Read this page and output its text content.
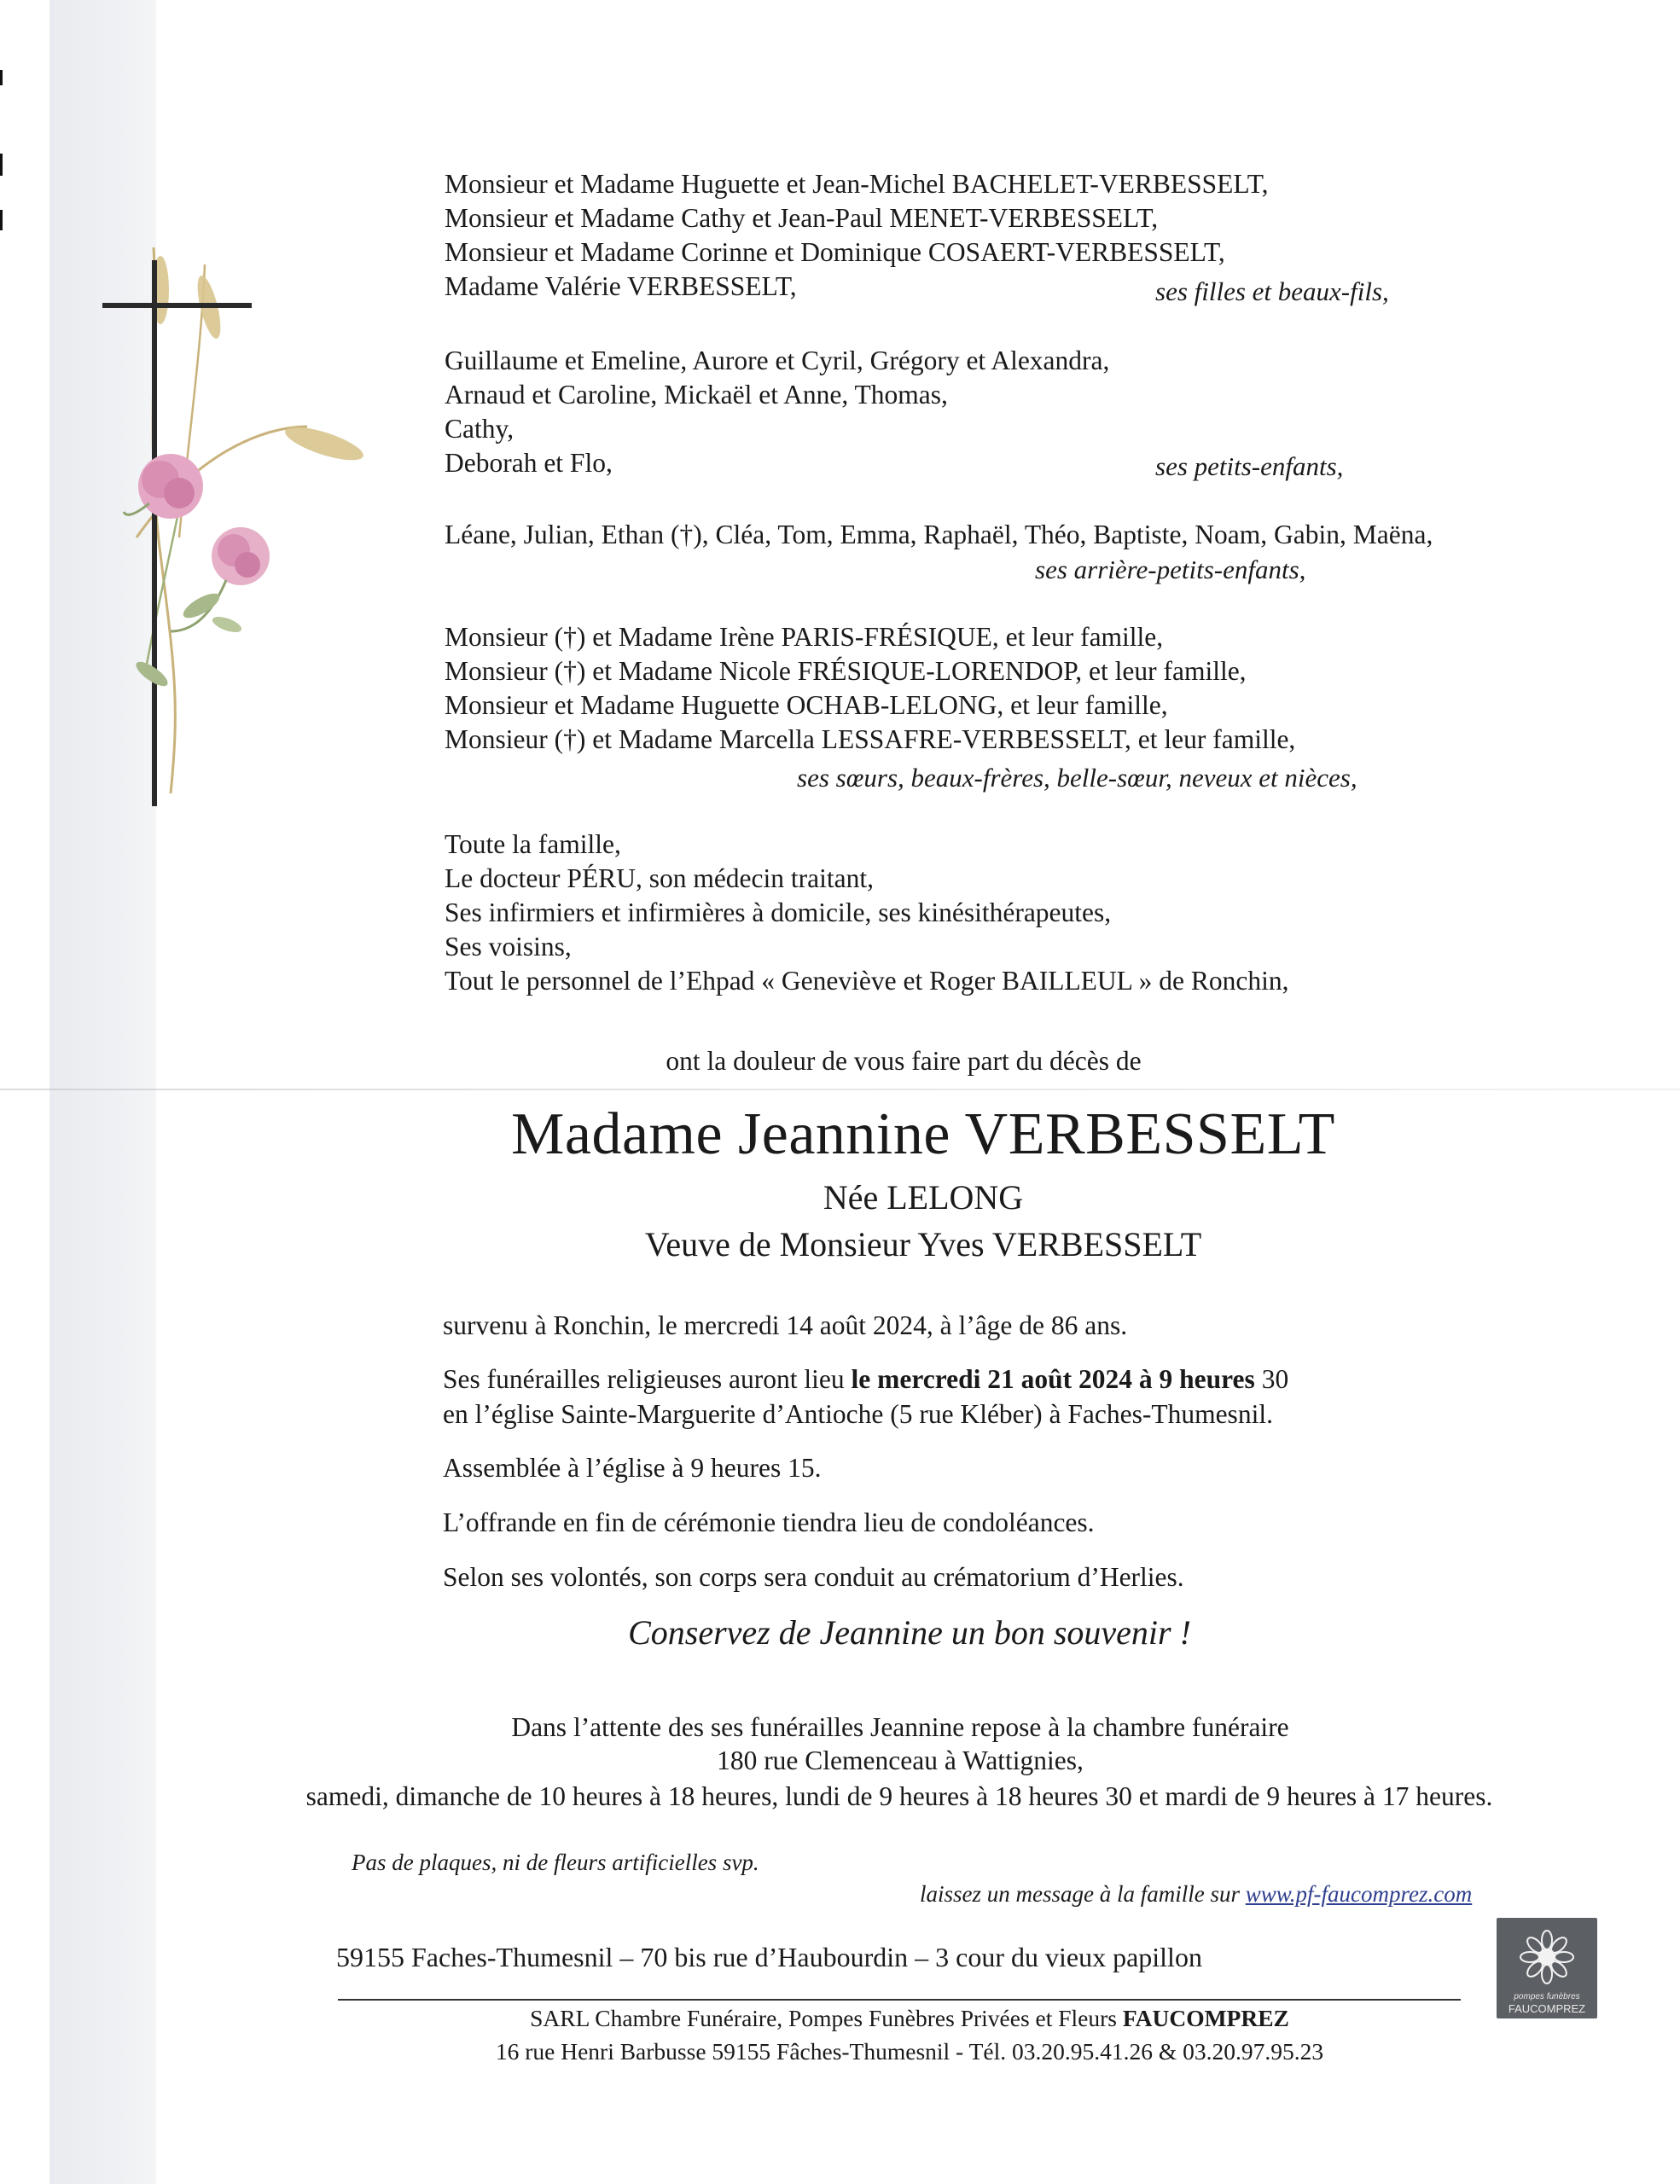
Monsieur et Madame Huguette et Jean-Michel BACHELET-VERBESSELT,
Monsieur et Madame Cathy et Jean-Paul MENET-VERBESSELT,
Monsieur et Madame Corinne et Dominique COSAERT-VERBESSELT,
Madame Valérie VERBESSELT,	ses filles et beaux-fils,
Guillaume et Emeline, Aurore et Cyril, Grégory et Alexandra,
Arnaud et Caroline, Mickaël et Anne, Thomas,
Cathy,
Deborah et Flo,	ses petits-enfants,
Léane, Julian, Ethan (†), Cléa, Tom, Emma, Raphaël, Théo, Baptiste, Noam, Gabin, Maëna,
ses arrière-petits-enfants,
Monsieur (†) et Madame Irène PARIS-FRÉSIQUE, et leur famille,
Monsieur (†) et Madame Nicole FRÉSIQUE-LORENDOP, et leur famille,
Monsieur et Madame Huguette OCHAB-LELONG, et leur famille,
Monsieur (†) et Madame Marcella LESSAFRE-VERBESSELT, et leur famille,
ses sœurs, beaux-frères, belle-sœur, neveux et nièces,
Toute la famille,
Le docteur PÉRU, son médecin traitant,
Ses infirmiers et infirmières à domicile, ses kinésithérapeutes,
Ses voisins,
Tout le personnel de l’Ehpad « Geneviève et Roger BAILLEUL » de Ronchin,
ont la douleur de vous faire part du décès de
Madame Jeannine VERBESSELT
Née LELONG
Veuve de Monsieur Yves VERBESSELT
survenu à Ronchin, le mercredi 14 août 2024, à l’âge de 86 ans.
Ses funérailles religieuses auront lieu le mercredi 21 août 2024 à 9 heures 30
en l’église Sainte-Marguerite d’Antioche (5 rue Kléber) à Faches-Thumesnil.
Assemblée à l’église à 9 heures 15.
L’offrande en fin de cérémonie tiendra lieu de condoléances.
Selon ses volontés, son corps sera conduit au crématorium d’Herlies.
Conservez de Jeannine un bon souvenir !
Dans l’attente des ses funérailles Jeannine repose à la chambre funéraire
180 rue Clemenceau à Wattignies,
samedi, dimanche de 10 heures à 18 heures, lundi de 9 heures à 18 heures 30 et mardi de 9 heures à 17 heures.
Pas de plaques, ni de fleurs artificielles svp.
laissez un message à la famille sur www.pf-faucomprez.com
59155 Faches-Thumesnil – 70 bis rue d’Haubourdin – 3 cour du vieux papillon
SARL Chambre Funéraire, Pompes Funèbres Privées et Fleurs FAUCOMPREZ
16 rue Henri Barbusse 59155 Fâches-Thumesnil - Tél. 03.20.95.41.26 & 03.20.97.95.23
pompes funèbres
FAUCOMPREZ
